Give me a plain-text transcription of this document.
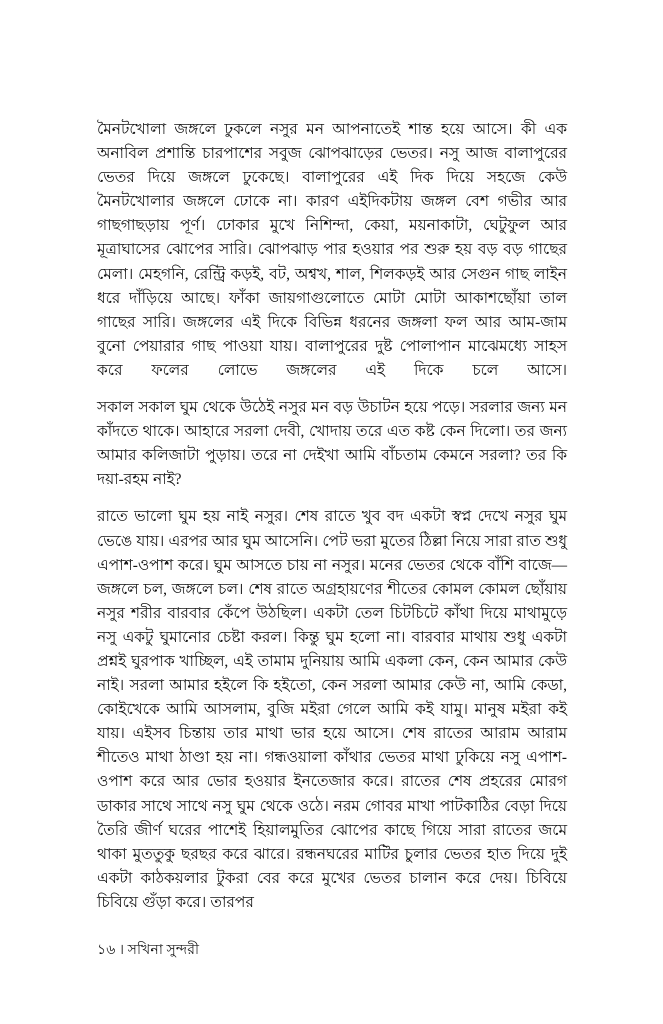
মৈনটখোলা জঙ্গলে ঢুকলে নসুর মন আপনাতেই শান্ত হয়ে আসে। কী এক অনাবিল প্রশান্তি চারপাশের সবুজ ঝোপঝাড়ের ভেতর। নসু আজ বালাপুরের ভেতর দিয়ে জঙ্গলে ঢুকেছে। বালাপুরের এই দিক দিয়ে সহজে কেউ মৈনটখোলার জঙ্গলে ঢোকে না। কারণ এইদিকটায় জঙ্গল বেশ গভীর আর গাছগাছড়ায় পূর্ণ। ঢোকার মুখে নিশিন্দা, কেয়া, ময়নাকাটা, ঘেটুফুল আর মূত্রাঘাসের ঝোপের সারি। ঝোপঝাড় পার হওয়ার পর শুরু হয় বড় বড় গাছের মেলা। মেহগনি, রেন্ট্রি কড়ই, বট, অশ্বখ, শাল, শিলকড়ই আর সেগুন গাছ লাইন ধরে দাঁড়িয়ে আছে। ফাঁকা জায়গাগুলোতে মোটা মোটা আকাশছোঁয়া তাল গাছের সারি। জঙ্গলের এই দিকে বিভিন্ন ধরনের জঙ্গলা ফল আর আম-জাম বুনো পেয়ারার গাছ পাওয়া যায়। বালাপুরের দুষ্ট পোলাপান মাঝেমধ্যে সাহস করে ফলের লোভে জঙ্গলের এই দিকে চলে আসে।

সকাল সকাল ঘুম থেকে উঠেই নসুর মন বড় উচাটন হয়ে পড়ে। সরলার জন্য মন কাঁদতে থাকে। আহারে সরলা দেবী, খোদায় তরে এত কষ্ট কেন দিলো। তর জন্য আমার কলিজাটা পুড়ায়। তরে না দেইখা আমি বাঁচতাম কেমনে সরলা? তর কি দয়া-রহম নাই?

রাতে ভালো ঘুম হয় নাই নসুর। শেষ রাতে খুব বদ একটা স্বপ্ন দেখে নসুর ঘুম ভেঙে যায়। এরপর আর ঘুম আসেনি। পেট ভরা মুতের ঠিল্লা নিয়ে সারা রাত শুধু এপাশ-ওপাশ করে। ঘুম আসতে চায় না নসুর। মনের ভেতর থেকে বাঁশি বাজে—জঙ্গলে চল, জঙ্গলে চল। শেষ রাতে অগ্রহায়ণের শীতের কোমল কোমল ছোঁয়ায় নসুর শরীর বারবার কেঁপে উঠছিল। একটা তেল চিটচিটে কাঁথা দিয়ে মাথামুড়ে নসু একটু ঘুমানোর চেষ্টা করল। কিন্তু ঘুম হলো না। বারবার মাথায় শুধু একটা প্রশ্নই ঘুরপাক খাচ্ছিল, এই তামাম দুনিয়ায় আমি একলা কেন, কেন আমার কেউ নাই। সরলা আমার হইলে কি হইতো, কেন সরলা আমার কেউ না, আমি কেডা, কোইখেকে আমি আসলাম, বুজি মইরা গেলে আমি কই যামু। মানুষ মইরা কই যায়। এইসব চিন্তায় তার মাথা ভার হয়ে আসে। শেষ রাতের আরাম আরাম শীতেও মাথা ঠাণ্ডা হয় না। গন্ধওয়ালা কাঁথার ভেতর মাথা ঢুকিয়ে নসু এপাশ-ওপাশ করে আর ভোর হওয়ার ইনতেজার করে। রাতের শেষ প্রহরের মোরগ ডাকার সাথে সাথে নসু ঘুম থেকে ওঠে। নরম গোবর মাখা পাটকাঠির বেড়া দিয়ে তৈরি জীর্ণ ঘরের পাশেই হিয়ালমুতির ঝোপের কাছে গিয়ে সারা রাতের জমে থাকা মুততুকু ছরছর করে ঝারে। রন্ধনঘরের মাটির চুলার ভেতর হাত দিয়ে দুই একটা কাঠকয়লার টুকরা বের করে মুখের ভেতর চালান করে দেয়। চিবিয়ে চিবিয়ে গুঁড়া করে। তারপর

১৬ । সখিনা সুন্দরী
